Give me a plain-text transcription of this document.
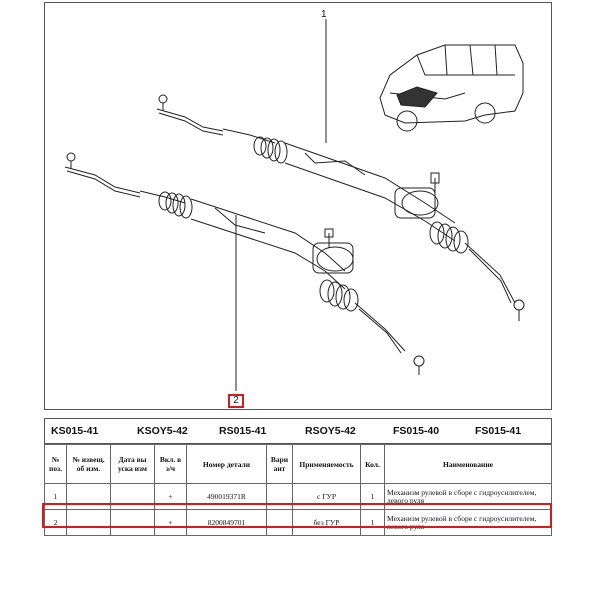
1
2
KS015-41	KSOY5-42	RS015-41	RSOY5-42	FS015-40	FS015-41
№ поз.	№ извещ. об изм.	Дата вы уска изм	Вкл. в з/ч	Номер детали	Вари ант	Применяемость	Кол.	Наименование
1			+	490019371R		с ГУР	1	Механизм рулевой в сборе с гидроусилителем, левого руля
2			+	8200849701		без ГУР	1	Механизм рулевой в сборе с гидроусилителем, левого руля
